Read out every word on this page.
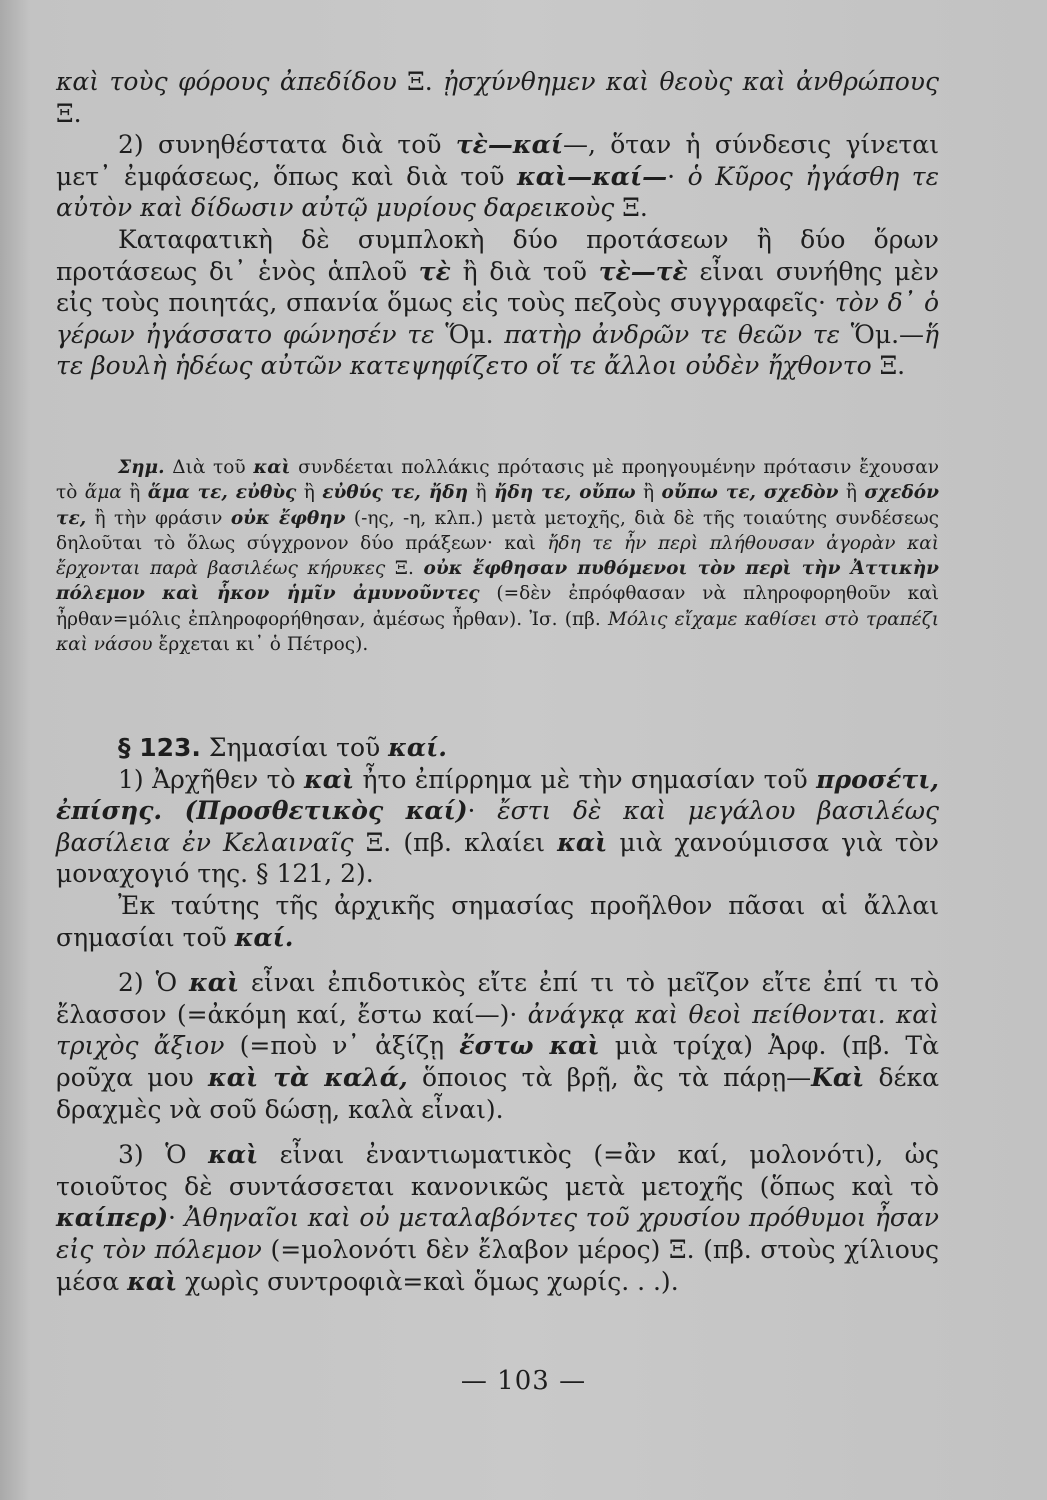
καὶ τοὺς φόρους ἀπεδίδου Ξ. ᾐσχύνθημεν καὶ θεοὺς καὶ ἀνθρώπους Ξ.

2) συνηθέστατα διὰ τοῦ τὲ—καί—, ὅταν ἡ σύνδεσις γίνεται μετ᾽ ἐμφάσεως, ὅπως καὶ διὰ τοῦ καὶ—καί—· ὁ Κῦρος ἠγάσθη τε αὐτὸν καὶ δίδωσιν αὐτῷ μυρίους δαρεικοὺς Ξ.

Καταφατικὴ δὲ συμπλοκὴ δύο προτάσεων ἢ δύο ὅρων προτάσεως δι᾽ ἑνὸς ἁπλοῦ τὲ ἢ διὰ τοῦ τὲ—τὲ εἶναι συνήθης μὲν εἰς τοὺς ποιητάς, σπανία ὅμως εἰς τοὺς πεζοὺς συγγραφεῖς· τὸν δ᾽ ὁ γέρων ἠγάσσατο φώνησέν τε Ὅμ. πατὴρ ἀνδρῶν τε θεῶν τε Ὅμ.—ἥ τε βουλὴ ἡδέως αὐτῶν κατεψηφίζετο οἵ τε ἄλλοι οὐδὲν ἤχθοντο Ξ.

Σημ. Διὰ τοῦ καὶ συνδέεται πολλάκις πρότασις μὲ προηγουμένην πρότασιν ἔχουσαν τὸ ἅμα ἢ ἅμα τε, εὐθὺς ἢ εὐθύς τε, ἤδη ἢ ἤδη τε, οὔπω ἢ οὔπω τε, σχεδὸν ἢ σχεδόν τε, ἢ τὴν φράσιν οὐκ ἔφθην (-ης, -η, κλπ.) μετὰ μετοχῆς, διὰ δὲ τῆς τοιαύτης συνδέσεως δηλοῦται τὸ ὅλως σύγχρονον δύο πράξεων· καὶ ἤδη τε ἦν περὶ πλήθουσαν ἀγορὰν καὶ ἔρχονται παρὰ βασιλέως κήρυκες Ξ. οὐκ ἔφθησαν πυθόμενοι τὸν περὶ τὴν Ἀττικὴν πόλεμον καὶ ἧκον ἡμῖν ἀμυνοῦντες (=δὲν ἐπρόφθασαν νὰ πληροφορηθοῦν καὶ ἦρθαν=μόλις ἐπληροφορήθησαν, ἀμέσως ἦρθαν). Ἰσ. (πβ. Μόλις εἴχαμε καθίσει στὸ τραπέζι καὶ νάσου ἔρχεται κι᾽ ὁ Πέτρος).

§ 123. Σημασίαι τοῦ καί.

1) Ἀρχῆθεν τὸ καὶ ἦτο ἐπίρρημα μὲ τὴν σημασίαν τοῦ προσέτι, ἐπίσης. (Προσθετικὸς καί)· ἔστι δὲ καὶ μεγάλου βασιλέως βασίλεια ἐν Κελαιναῖς Ξ. (πβ. κλαίει καὶ μιὰ χανούμισσα γιὰ τὸν μοναχογιό της. § 121, 2).

Ἐκ ταύτης τῆς ἀρχικῆς σημασίας προῆλθον πᾶσαι αἱ ἄλλαι σημασίαι τοῦ καί.

2) Ὁ καὶ εἶναι ἐπιδοτικὸς εἴτε ἐπί τι τὸ μεῖζον εἴτε ἐπί τι τὸ ἔλασσον (=ἀκόμη καί, ἔστω καί—)· ἀνάγκᾳ καὶ θεοὶ πείθονται. καὶ τριχὸς ἄξιον (=ποὺ ν᾽ ἀξίζῃ ἔστω καὶ μιὰ τρίχα) Ἀρφ. (πβ. Τὰ ροῦχα μου καὶ τὰ καλά, ὅποιος τὰ βρῇ, ἂς τὰ πάρῃ—Καὶ δέκα δραχμὲς νὰ σοῦ δώσῃ, καλὰ εἶναι).

3) Ὁ καὶ εἶναι ἐναντιωματικὸς (=ἂν καί, μολονότι), ὡς τοιοῦτος δὲ συντάσσεται κανονικῶς μετὰ μετοχῆς (ὅπως καὶ τὸ καίπερ)· Ἀθηναῖοι καὶ οὐ μεταλαβόντες τοῦ χρυσίου πρόθυμοι ἦσαν εἰς τὸν πόλεμον (=μολονότι δὲν ἔλαβον μέρος) Ξ. (πβ. στοὺς χίλιους μέσα καὶ χωρὶς συντροφιὰ=καὶ ὅμως χωρίς. . .).

— 103 —
